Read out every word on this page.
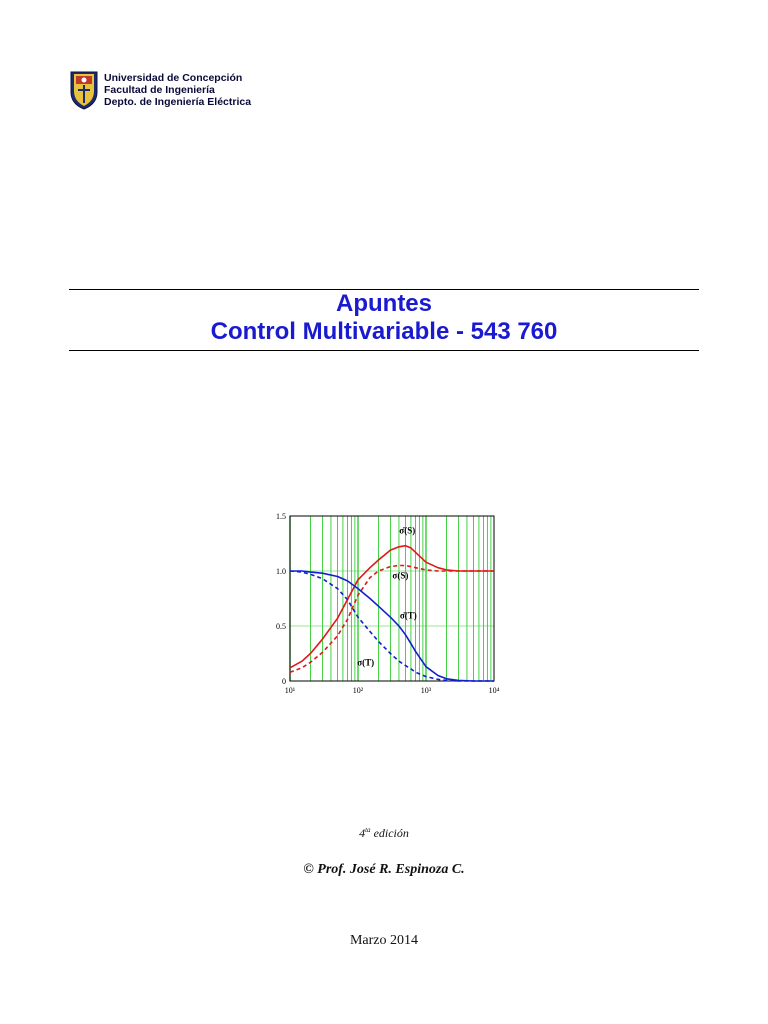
Universidad de Concepción
Facultad de Ingeniería
Depto. de Ingeniería Eléctrica
Apuntes
Control Multivariable - 543 760
0
0.5
1.0
1.5
10¹	10²	10³	10⁴
σ̄(S)
σ(S)
σ̄(T)
σ(T)
$4^{ta}$ edición
© Prof. José R. Espinoza C.
Marzo 2014
